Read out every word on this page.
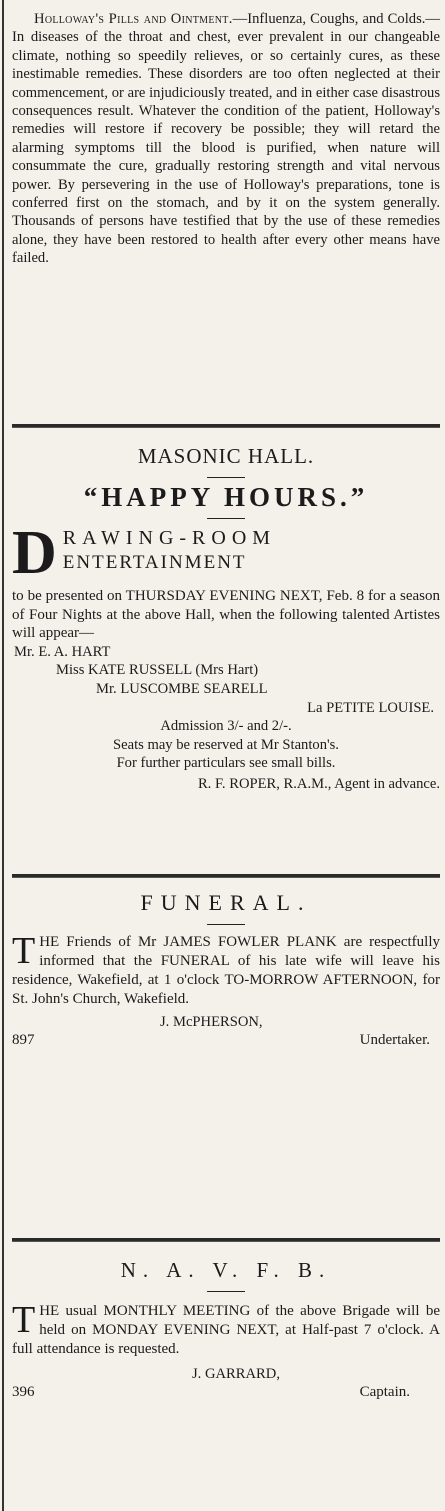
Holloway's Pills and Ointment.—Influenza, Coughs, and Colds.—In diseases of the throat and chest, ever prevalent in our changeable climate, nothing so speedily relieves, or so certainly cures, as these inestimable remedies. These disorders are too often neglected at their commencement, or are injudiciously treated, and in either case disastrous consequences result. Whatever the condition of the patient, Holloway's remedies will restore if recovery be possible; they will retard the alarming symptoms till the blood is purified, when nature will consummate the cure, gradually restoring strength and vital nervous power. By persevering in the use of Holloway's preparations, tone is conferred first on the stomach, and by it on the system generally. Thousands of persons have testified that by the use of these remedies alone, they have been restored to health after every other means have failed.

MASONIC HALL.

“HAPPY HOURS.”

D RAWING-ROOM

ENTERTAINMENT

to be presented on THURSDAY EVENING NEXT, Feb. 8 for a season of Four Nights at the above Hall, when the following talented Artistes will appear—

Mr. E. A. HART

Miss KATE RUSSELL (Mrs Hart)

Mr. LUSCOMBE SEARELL

La PETITE LOUISE.

Admission 3/- and 2/-.

Seats may be reserved at Mr Stanton's.

For further particulars see small bills.

R. F. ROPER, R.A.M., Agent in advance.

FUNERAL.

T HE Friends of Mr JAMES FOWLER PLANK are respectfully informed that the FUNERAL of his late wife will leave his residence, Wakefield, at 1 o'clock TO-MORROW AFTERNOON, for St. John's Church, Wakefield.

J. McPHERSON,

897	Undertaker.

N. A. V. F. B.

T HE usual MONTHLY MEETING of the above Brigade will be held on MONDAY EVENING NEXT, at Half-past 7 o'clock. A full attendance is requested.

J. GARRARD,

396	Captain.
